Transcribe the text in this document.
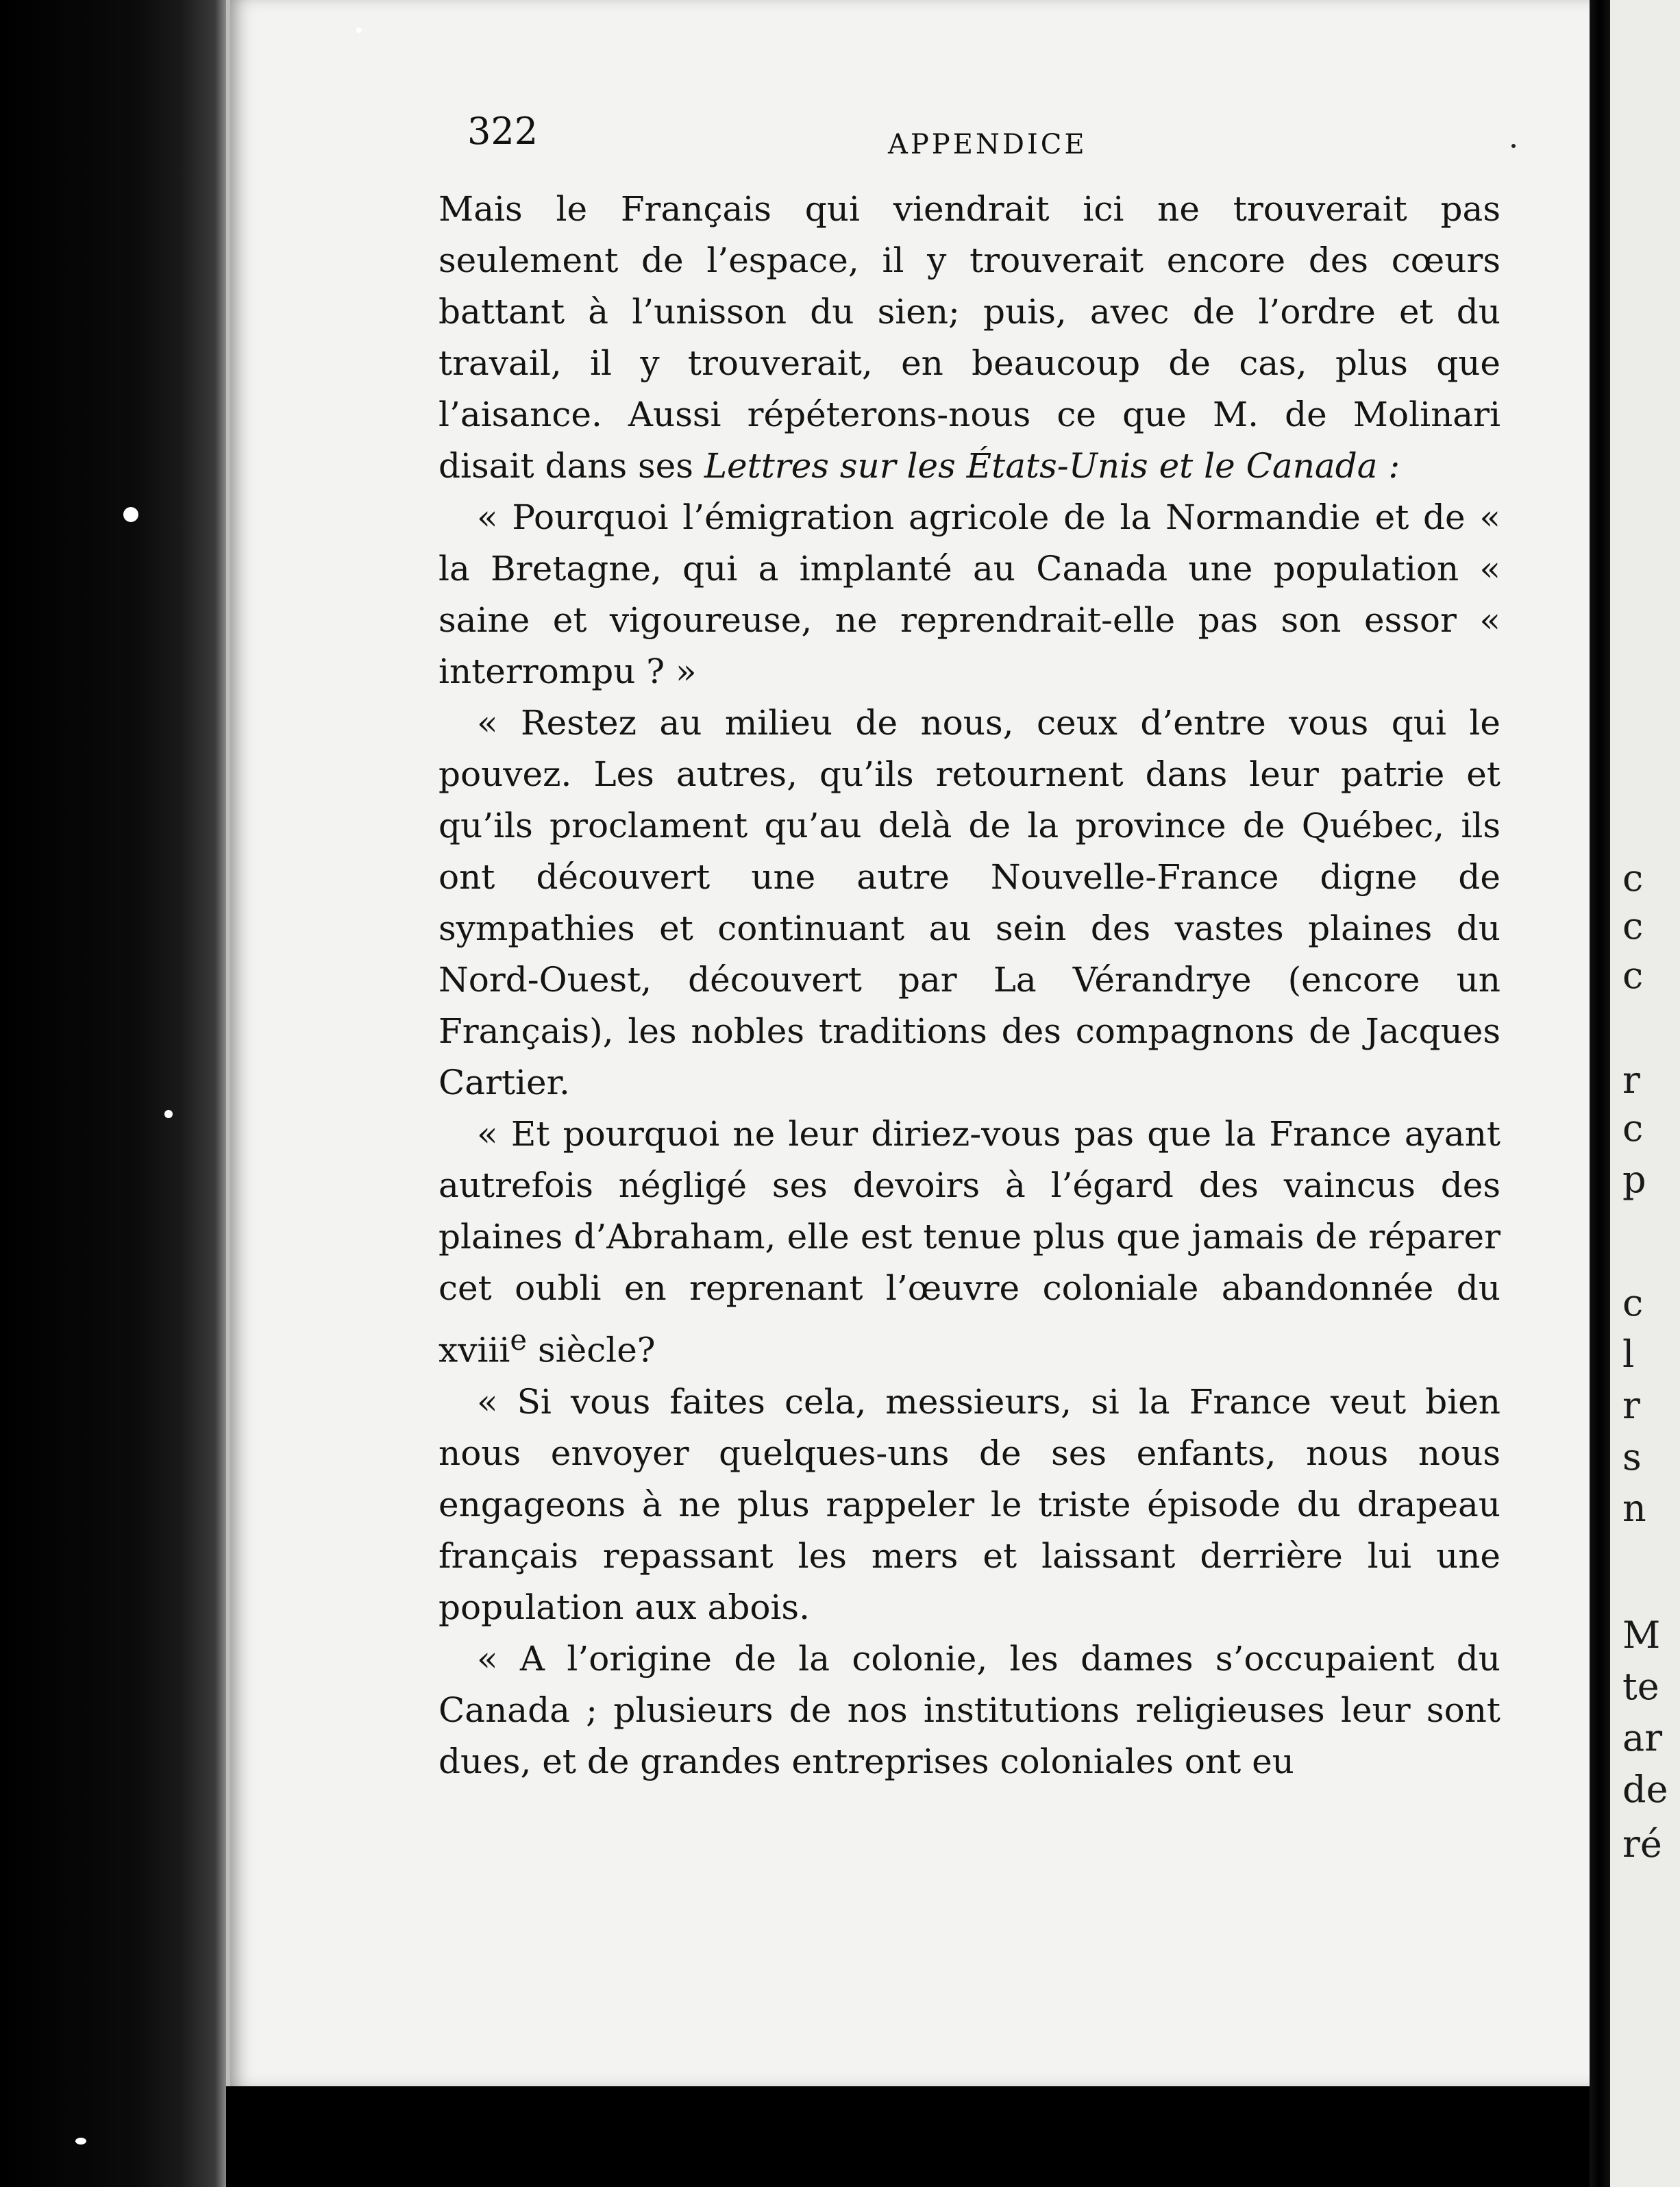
322	APPENDICE

Mais le Français qui viendrait ici ne trouverait pas seulement de l’espace, il y trouverait encore des cœurs battant à l’unisson du sien; puis, avec de l’ordre et du travail, il y trouverait, en beaucoup de cas, plus que l’aisance. Aussi répéterons-nous ce que M. de Molinari disait dans ses Lettres sur les États-Unis et le Canada :

« Pourquoi l’émigration agricole de la Normandie et de « la Bretagne, qui a implanté au Canada une population « saine et vigoureuse, ne reprendrait-elle pas son essor « interrompu ? »

« Restez au milieu de nous, ceux d’entre vous qui le pouvez. Les autres, qu’ils retournent dans leur patrie et qu’ils proclament qu’au delà de la province de Québec, ils ont découvert une autre Nouvelle-France digne de sympathies et continuant au sein des vastes plaines du Nord-Ouest, découvert par La Vérandrye (encore un Français), les nobles traditions des compagnons de Jacques Cartier.

« Et pourquoi ne leur diriez-vous pas que la France ayant autrefois négligé ses devoirs à l’égard des vaincus des plaines d’Abraham, elle est tenue plus que jamais de réparer cet oubli en reprenant l’œuvre coloniale abandonnée du xviii$^e$ siècle?

« Si vous faites cela, messieurs, si la France veut bien nous envoyer quelques-uns de ses enfants, nous nous engageons à ne plus rappeler le triste épisode du drapeau français repassant les mers et laissant derrière lui une population aux abois.

« A l’origine de la colonie, les dames s’occupaient du Canada ; plusieurs de nos institutions religieuses leur sont dues, et de grandes entreprises coloniales ont eu

c
c
c
r
c
p
c
l
r
s
n
M
te
ar
de
ré
